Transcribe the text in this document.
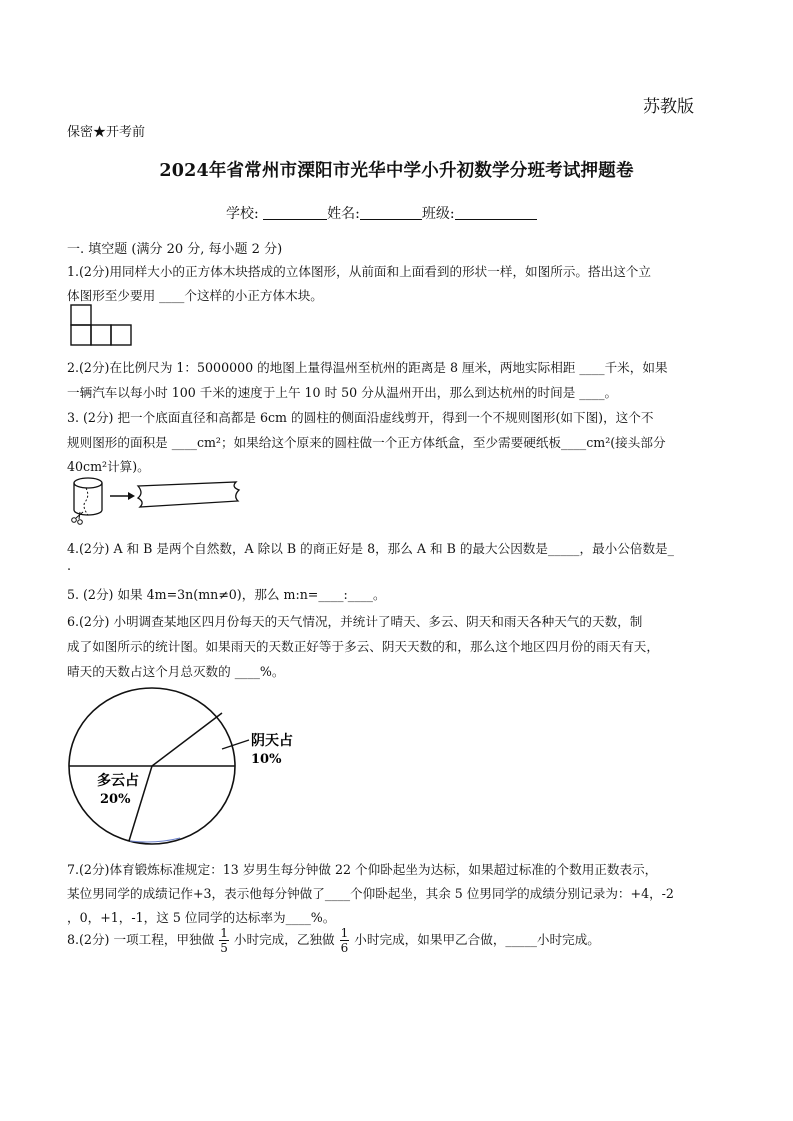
苏教版
保密★开考前
2024年省常州市溧阳市光华中学小升初数学分班考试押题卷
学校:	姓名:	班级:
一. 填空题 (满分 20 分, 每小题 2 分)
1.(2分)用同样大小的正方体木块搭成的立体图形，从前面和上面看到的形状一样，如图所示。搭出这个立
体图形至少要用 ____个这样的小正方体木块。
2.(2分)在比例尺为 1：5000000 的地图上量得温州至杭州的距离是 8 厘米，两地实际相距 ____千米，如果
一辆汽车以每小时 100 千米的速度于上午 10 时 50 分从温州开出，那么到达杭州的时间是 ____。
3. (2分) 把一个底面直径和高都是 6cm 的圆柱的侧面沿虚线剪开，得到一个不规则图形(如下图)，这个不
规则图形的面积是 ____cm²；如果给这个原来的圆柱做一个正方体纸盒，至少需要硬纸板____cm²(接头部分
40cm²计算)。
4.(2分) A 和 B 是两个自然数，A 除以 B 的商正好是 8，那么 A 和 B 的最大公因数是_____，最小公倍数是_
.
5. (2分) 如果 4m=3n(mn≠0)，那么 m:n=____:____。
6.(2分) 小明调查某地区四月份每天的天气情况，并统计了晴天、多云、阴天和雨天各种天气的天数，制
成了如图所示的统计图。如果雨天的天数正好等于多云、阴天天数的和，那么这个地区四月份的雨天有天，
晴天的天数占这个月总灭数的 ____%。
阴天占
10%
多云占
20%
7.(2分)体育锻炼标准规定：13 岁男生每分钟做 22 个仰卧起坐为达标，如果超过标准的个数用正数表示，
某位男同学的成绩记作+3，表示他每分钟做了____个仰卧起坐，其余 5 位男同学的成绩分别记录为：+4，-2
，0，+1，-1，这 5 位同学的达标率为____%。
8.(2分) 一项工程，甲独做 $\frac{1}{5}$ 小时完成，乙独做 $\frac{1}{6}$ 小时完成，如果甲乙合做，_____小时完成。
